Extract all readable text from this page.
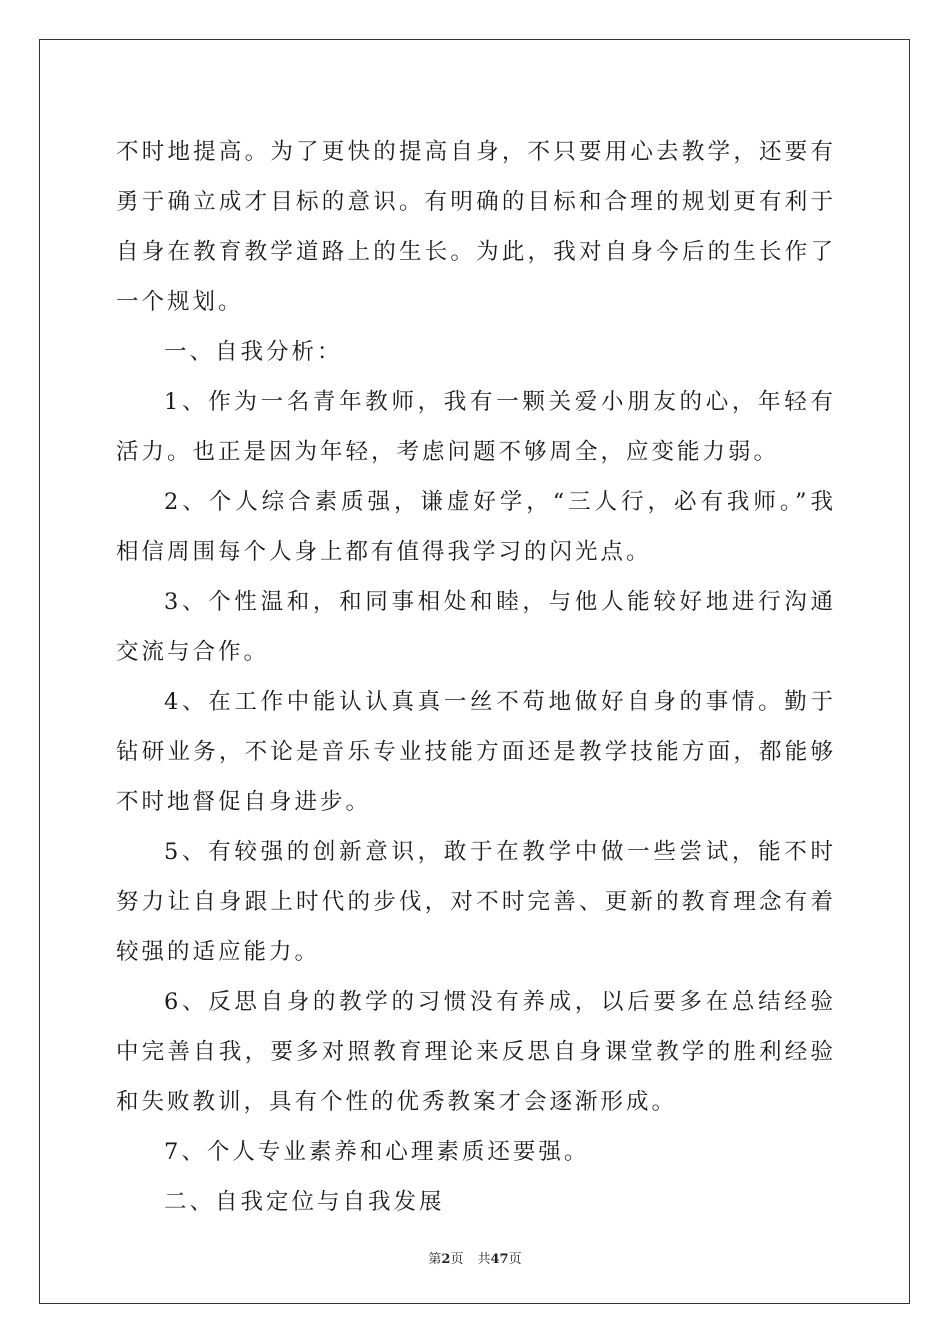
不时地提高。为了更快的提高自身，不只要用心去教学，还要有勇于确立成才目标的意识。有明确的目标和合理的规划更有利于自身在教育教学道路上的生长。为此，我对自身今后的生长作了一个规划。

一、自我分析：

1、作为一名青年教师，我有一颗关爱小朋友的心，年轻有活力。也正是因为年轻，考虑问题不够周全，应变能力弱。

2、个人综合素质强，谦虚好学，“三人行，必有我师。”我相信周围每个人身上都有值得我学习的闪光点。

3、个性温和，和同事相处和睦，与他人能较好地进行沟通交流与合作。

4、在工作中能认认真真一丝不苟地做好自身的事情。勤于钻研业务，不论是音乐专业技能方面还是教学技能方面，都能够不时地督促自身进步。

5、有较强的创新意识，敢于在教学中做一些尝试，能不时努力让自身跟上时代的步伐，对不时完善、更新的教育理念有着较强的适应能力。

6、反思自身的教学的习惯没有养成，以后要多在总结经验中完善自我，要多对照教育理论来反思自身课堂教学的胜利经验和失败教训，具有个性的优秀教案才会逐渐形成。

7、个人专业素养和心理素质还要强。

二、自我定位与自我发展

第2页 共47页
